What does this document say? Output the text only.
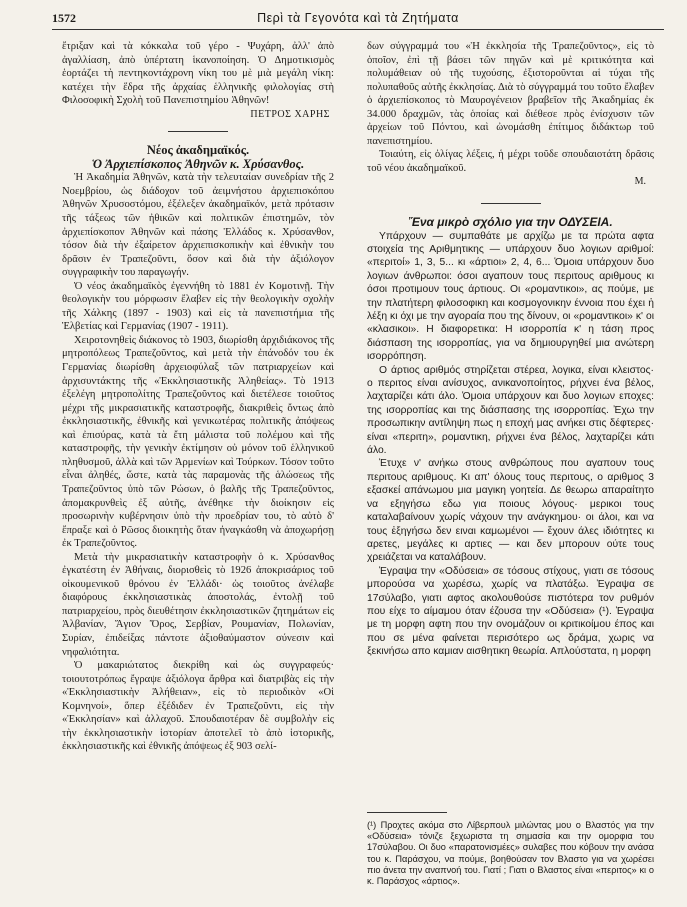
1572	Περὶ τὰ Γεγονότα καὶ τὰ Ζητήματα

ἔτριξαν καὶ τὰ κόκκαλα τοῦ γέρο - Ψυχάρη, ἀλλ' ἀπὸ ἀγαλλίαση, ἀπὸ ὑπέρτατη ἱκανοποίηση. Ὁ Δημοτικισμὸς ἑορτάζει τὴ πεντηκοντάχρονη νίκη του μὲ μιὰ μεγάλη νίκη: κατέχει τὴν ἕδρα τῆς ἀρχαίας ἑλληνικῆς φιλολογίας στὴ Φιλοσοφικὴ Σχολὴ τοῦ Πανεπιστημίου Ἀθηνῶν!

ΠΕΤΡΟΣ ΧΑΡΗΣ

Νέος ἀκαδημαϊκός.

Ὁ Ἀρχιεπίσκοπος Ἀθηνῶν κ. Χρύσανθος.

Ἡ Ἀκαδημία Ἀθηνῶν, κατὰ τὴν τελευταίαν συνεδρίαν τῆς 2 Νοεμβρίου, ὡς διάδοχον τοῦ ἀειμνήστου ἀρχιεπισκόπου Ἀθηνῶν Χρυσοστόμου, ἐξέλεξεν ἀκαδημαϊκόν, μετὰ πρότασιν τῆς τάξεως τῶν ἠθικῶν καὶ πολιτικῶν ἐπιστημῶν, τὸν ἀρχιεπίσκοπον Ἀθηνῶν καὶ πάσης Ἑλλάδος κ. Χρύσανθον, τόσον διὰ τὴν ἐξαίρετον ἀρχιεπισκοπικὴν καὶ ἐθνικὴν του δρᾶσιν ἐν Τραπεζοῦντι, ὅσον καὶ διὰ τὴν ἀξιόλογον συγγραφικὴν του παραγωγήν.

Ὁ νέος ἀκαδημαϊκὸς ἐγεννήθη τὸ 1881 ἐν Κομοτινῇ. Τὴν θεολογικὴν του μόρφωσιν ἔλαβεν εἰς τὴν θεολογικὴν σχολὴν τῆς Χάλκης (1897 - 1903) καὶ εἰς τὰ πανεπιστήμια τῆς Ἑλβετίας καὶ Γερμανίας (1907 - 1911).

Χειροτονηθεὶς διάκονος τὸ 1903, διωρίσθη ἀρχιδιάκονος τῆς μητροπόλεως Τραπεζοῦντος, καὶ μετὰ τὴν ἐπάνοδόν του ἐκ Γερμανίας διωρίσθη ἀρχειοφύλαξ τῶν πατριαρχείων καὶ ἀρχισυντάκτης τῆς «Ἐκκλησιαστικῆς Ἀληθείας». Τὸ 1913 ἐξελέγη μητροπολίτης Τραπεζοῦντος καὶ διετέλεσε τοιοῦτος μέχρι τῆς μικρασιατικῆς καταστροφῆς, διακριθεὶς ὄντως ἀπὸ ἐκκλησιαστικῆς, ἐθνικῆς καὶ γενικωτέρας πολιτικῆς ἀπόψεως καὶ ἐπισύρας, κατὰ τὰ ἔτη μάλιστα τοῦ πολέμου καὶ τῆς καταστροφῆς, τὴν γενικὴν ἐκτίμησιν οὐ μόνον τοῦ ἑλληνικοῦ πληθυσμοῦ, ἀλλὰ καὶ τῶν Ἀρμενίων καὶ Τούρκων. Τόσον τοῦτο εἶναι ἀληθές, ὥστε, κατὰ τὰς παραμονὰς τῆς ἁλώσεως τῆς Τραπεζοῦντος ὑπὸ τῶν Ρώσων, ὁ βαλῆς τῆς Τραπεζοῦντος, ἀπομακρυνθεὶς ἐξ αὐτῆς, ἀνέθηκε τὴν διοίκησιν εἰς προσωρινὴν κυβέρνησιν ὑπὸ τὴν προεδρίαν του, τὸ αὐτὸ δ' ἔπραξε καὶ ὁ Ρῶσος διοικητὴς ὅταν ἠναγκάσθη νὰ ἀποχωρήσῃ ἐκ Τραπεζοῦντος.

Μετὰ τὴν μικρασιατικὴν καταστροφὴν ὁ κ. Χρύσανθος ἐγκατέστη ἐν Ἀθήναις, διορισθεὶς τὸ 1926 ἀποκρισάριος τοῦ οἰκουμενικοῦ θρόνου ἐν Ἑλλάδι· ὡς τοιοῦτος ἀνέλαβε διαφόρους ἐκκλησιαστικὰς ἀποστολάς, ἐντολῇ τοῦ πατριαρχείου, πρὸς διευθέτησιν ἐκκλησιαστικῶν ζητημάτων εἰς Ἀλβανίαν, Ἅγιον Ὄρος, Σερβίαν, Ρουμανίαν, Πολωνίαν, Συρίαν, ἐπιδείξας πάντοτε ἀξιοθαύμαστον σύνεσιν καὶ νηφαλιότητα.

Ὁ μακαριώτατος διεκρίθη καὶ ὡς συγγραφεύς· τοιουτοτρόπως ἔγραψε ἀξιόλογα ἄρθρα καὶ διατριβὰς εἰς τὴν «Ἐκκλησιαστικὴν Ἀλήθειαν», εἰς τὸ περιοδικὸν «Οἱ Κομνηνοί», ὅπερ ἐξέδιδεν ἐν Τραπεζοῦντι, εἰς τὴν «Ἐκκλησίαν» καὶ ἀλλαχοῦ. Σπουδαιοτέραν δὲ συμβολὴν εἰς τὴν ἐκκλησιαστικὴν ἱστορίαν ἀποτελεῖ τὸ ἀπὸ ἱστορικῆς, ἐκκλησιαστικῆς καὶ ἐθνικῆς ἀπόψεως ἐξ 903 σελί-

δων σύγγραμμά του «Ἡ ἐκκλησία τῆς Τραπεζοῦντος», εἰς τὸ ὁποῖον, ἐπὶ τῇ βάσει τῶν πηγῶν καὶ μὲ κριτικότητα καὶ πολυμάθειαν οὐ τῆς τυχούσης, ἐξιστοροῦνται αἱ τύχαι τῆς πολυπαθοῦς αὐτῆς ἐκκλησίας. Διὰ τὸ σύγγραμμά του τοῦτο ἔλαβεν ὁ ἀρχιεπίσκοπος τὸ Μαυρογένειον βραβεῖον τῆς Ἀκαδημίας ἐκ 34.000 δραχμῶν, τὰς ὁποίας καὶ διέθεσε πρὸς ἐνίσχυσιν τῶν ἀρχείων τοῦ Πόντου, καὶ ὠνομάσθη ἐπίτιμος διδάκτωρ τοῦ πανεπιστημίου.

Τοιαύτη, εἰς ὀλίγας λέξεις, ἡ μέχρι τοῦδε σπουδαιοτάτη δρᾶσις τοῦ νέου ἀκαδημαϊκοῦ.

Μ.

Ἕνα μικρὸ σχόλιο για την ΟΔΥΣΕΙΑ.

Υπάρχουν — συμπαθάτε με αρχίζω με τα πρώτα αφτα στοιχεία της Αριθμητικης — υπάρχουν δυο λογιων αριθμοί: «περιτοί» 1, 3, 5... κι «άρτιοι» 2, 4, 6... Ὁμοια υπάρχουν δυο λογιων άνθρωποι: όσοι αγαπουν τους περιτους αριθμους κι όσοι προτιμουν τους άρτιους. Οι «ρομαντικοι», ας πούμε, με την πλατήτερη φιλοσοφικη και κοσμογονικην έννοια που έχει ἡ λέξη κι όχι με την αγοραία που της δίνουν, οι «ρομαντικοι» κ' οι «κλασικοι». Η διαφορετικα: Η ισορροπία κ' η τάση προς διάσπαση της ισορροπίας, για να δημιουργηθεί μια ανώτερη ισορρόπηση.

Ο άρτιος αριθμός στηρίζεται στέρεα, λογικα, είναι κλειστος· ο περιτος είναι ανίσυχος, ανικανοποίητος, ρήχνει ένα βέλος, λαχταρίζει κάτι άλο. Ὁμοια υπάρχουν και δυο λογιων εποχες: της ισορροπίας και της διάσπασης της ισορροπίας. Ἐχω την προσωπικην αντίληψη πως η εποχή μας ανήκει στις δέφτερες· είναι «περιτη», ρομαντικη, ρήχνει ένα βέλος, λαχταρίζει κάτι άλο.

Ἐτυχε ν' ανήκω στους ανθρώπους που αγαπουν τους περιτους αριθμους. Κι απ' όλους τους περιτους, ο αριθμος 3 εξασκεί απάνωμου μια μαγικη γοητεία. Δε θεωρω απαραίτητο να εξηγήσω εδω για ποιους λόγους· μερικοι τους καταλαβαίνουν χωρίς νάχουν την ανάγκημου· οι άλοι, και να τους ἐξηγήσω δεν ειναι καμωμένοι — ἔχουν άλες ιδιότητες κι αρετες, μεγάλες κι αρτιες — και δεν μπορουν ούτε τους χρειάζεται να καταλάβουν.

Ἐγραψα την «Οδύσεια» σε τόσους στίχους, γιατι σε τόσους μπορούσα να χωρέσω, χωρίς να πλατάξω. Ἐγραψα σε 17σύλαβο, γιατι αφτος ακολουθούσε πιστότερα τον ρυθμόν που είχε το αίμαμου όταν έζουσα την «Οδύσεια» (¹). Ἐγραψα με τη μορφη αφτη που την ονομάζουν οι κριτικοίμου έπος και που σε μένα φαίνεται περισότερο ως δράμα, χωρις να ξεκινήσω απο καμιαν αισθητικη θεωρία. Απλούστατα, η μορφη

(¹) Προχτες ακόμα στο Λίβερπουλ μιλώντας μου ο Βλαστός για την «Οδύσεια» τόνιζε ξεχωριστα τη σημασία και την ομορφια του 17σύλαβου. Οι δυο «παρατονισμέες» συλαβες που κόβουν την ανάσα του κ. Παράσχου, να πούμε, βοηθούσαν τον Βλαστο για να χωρέσει πιο άνετα την αναπνοή του. Γιατί ; Γιατι ο Βλαστος είναι «περιτος» κι ο κ. Παράσχος «άρτιος».
